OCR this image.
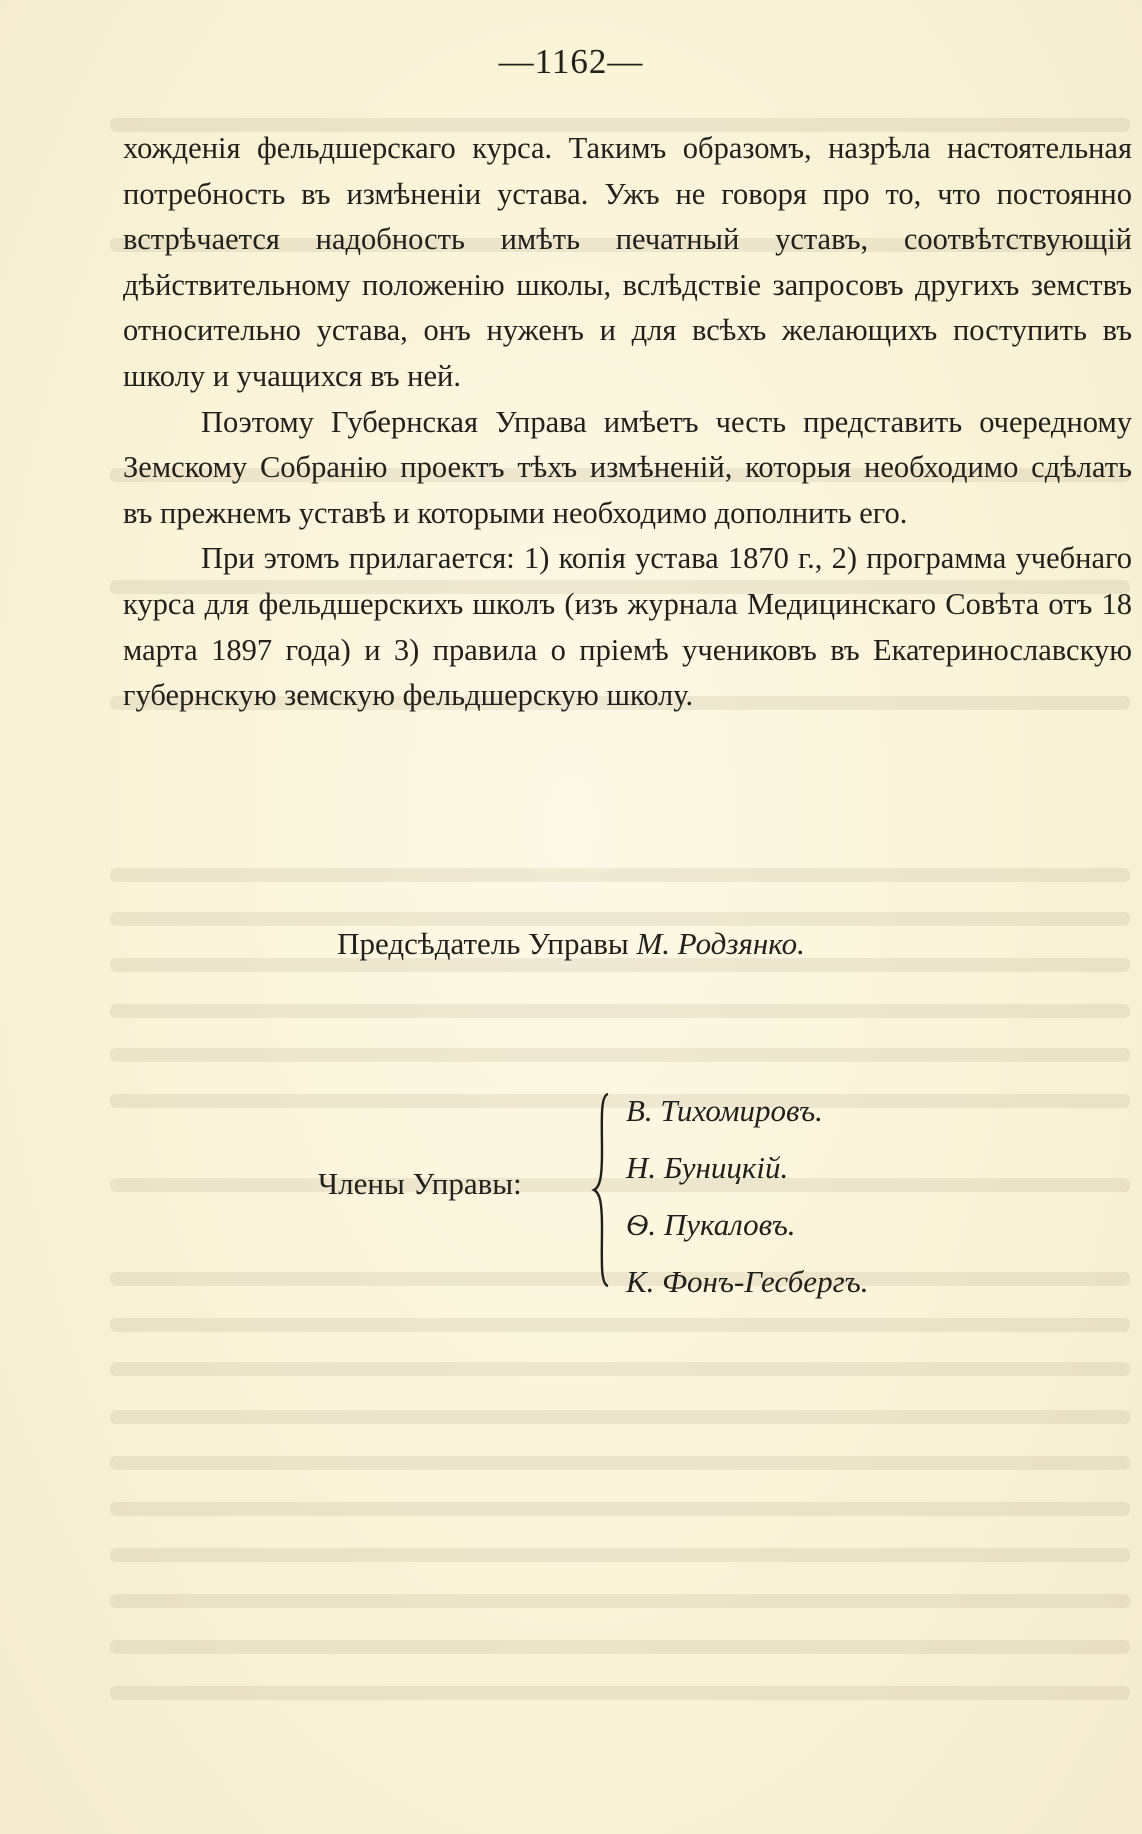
—1162—

хожденія фельдшерскаго курса. Такимъ образомъ, назрѣла настоятельная потребность въ измѣненіи устава. Ужъ не говоря про то, что постоянно встрѣчается надобность имѣть печатный уставъ, соотвѣтствующій дѣйствительному положенію школы, вслѣдствіе запросовъ другихъ земствъ относительно устава, онъ нуженъ и для всѣхъ желающихъ поступить въ школу и учащихся въ ней.

Поэтому Губернская Управа имѣетъ честь представить очередному Земскому Собранію проектъ тѣхъ измѣненій, которыя необходимо сдѣлать въ прежнемъ уставѣ и которыми необходимо дополнить его.

При этомъ прилагается: 1) копія устава 1870 г., 2) программа учебнаго курса для фельдшерскихъ школъ (изъ журнала Медицинскаго Совѣта отъ 18 марта 1897 года) и 3) правила о пріемѣ учениковъ въ Екатеринославскую губернскую земскую фельдшерскую школу.

Предсѣдатель Управы М. Родзянко.
Члены Управы:
В. Тихомировъ.
Н. Буницкій.
Ѳ. Пукаловъ.
К. Фонъ-Гесбергъ.
